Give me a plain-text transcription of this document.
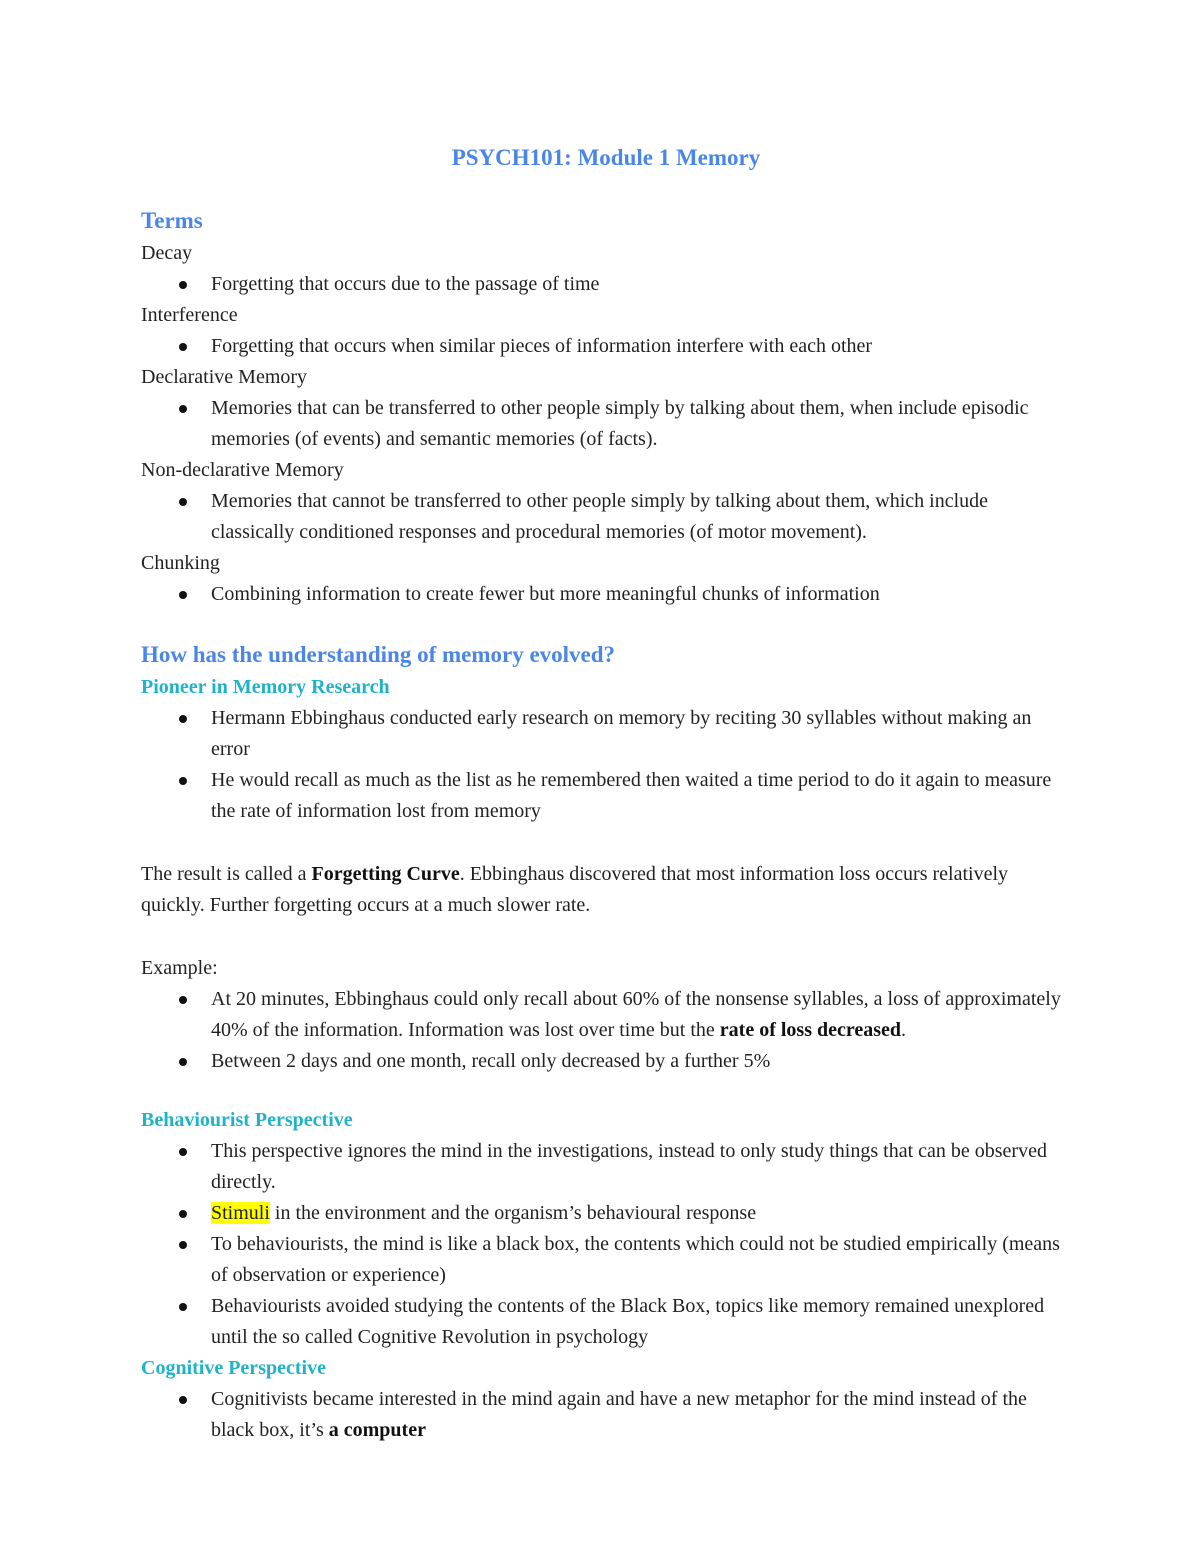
PSYCH101: Module 1 Memory
Terms
Decay
Forgetting that occurs due to the passage of time
Interference
Forgetting that occurs when similar pieces of information interfere with each other
Declarative Memory
Memories that can be transferred to other people simply by talking about them, when include episodic memories (of events) and semantic memories (of facts).
Non-declarative Memory
Memories that cannot be transferred to other people simply by talking about them, which include classically conditioned responses and procedural memories (of motor movement).
Chunking
Combining information to create fewer but more meaningful chunks of information
How has the understanding of memory evolved?
Pioneer in Memory Research
Hermann Ebbinghaus conducted early research on memory by reciting 30 syllables without making an error
He would recall as much as the list as he remembered then waited a time period to do it again to measure the rate of information lost from memory
The result is called a Forgetting Curve. Ebbinghaus discovered that most information loss occurs relatively quickly. Further forgetting occurs at a much slower rate.
Example:
At 20 minutes, Ebbinghaus could only recall about 60% of the nonsense syllables, a loss of approximately 40% of the information. Information was lost over time but the rate of loss decreased.
Between 2 days and one month, recall only decreased by a further 5%
Behaviourist Perspective
This perspective ignores the mind in the investigations, instead to only study things that can be observed directly.
Stimuli in the environment and the organism’s behavioural response
To behaviourists, the mind is like a black box, the contents which could not be studied empirically (means of observation or experience)
Behaviourists avoided studying the contents of the Black Box, topics like memory remained unexplored until the so called Cognitive Revolution in psychology
Cognitive Perspective
Cognitivists became interested in the mind again and have a new metaphor for the mind instead of the black box, it’s a computer
